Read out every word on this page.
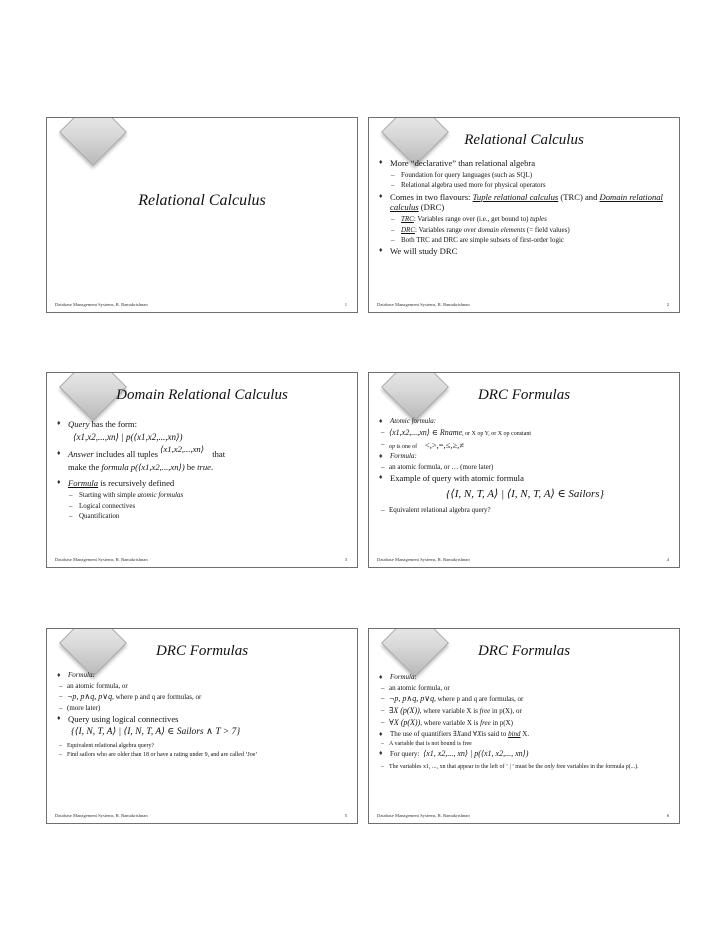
Relational Calculus
Database Management Systems, R. Ramakrishnan	1
Relational Calculus
♦ More “declarative” than relational algebra
– Foundation for query languages (such as SQL)
– Relational algebra used more for physical operators
♦ Comes in two flavours: Tuple relational calculus (TRC) and Domain relational calculus (DRC)
– TRC: Variables range over (i.e., get bound to) tuples
– DRC: Variables range over domain elements (= field values)
– Both TRC and DRC are simple subsets of first-order logic
♦ We will study DRC
Database Management Systems, R. Ramakrishnan	2
Domain Relational Calculus
♦ Query has the form:
⟨x1,x2,...,xn⟩ | p(⟨x1,x2,...,xn⟩)
♦ Answer includes all tuples ⟨x1,x2,...,xn⟩ that
make the formula p(⟨x1,x2,...,xn⟩) be true.
♦ Formula is recursively defined
– Starting with simple atomic formulas
– Logical connectives
– Quantification
Database Management Systems, R. Ramakrishnan	3
DRC Formulas
♦ Atomic formula:
– ⟨x1,x2,...,xn⟩ ∈ Rname, or X op Y, or X op constant
– op is one of <,>,=,≤,≥,≠
♦ Formula:
– an atomic formula, or … (more later)
♦ Example of query with atomic formula
{⟨I, N, T, A⟩ | ⟨I, N, T, A⟩ ∈ Sailors}
– Equivalent relational algebra query?
Database Management Systems, R. Ramakrishnan	4
DRC Formulas
♦ Formula:
– an atomic formula, or
– ¬p, p∧q, p∨q, where p and q are formulas, or
– (more later)
♦ Query using logical connectives
{⟨I, N, T, A⟩ | ⟨I, N, T, A⟩ ∈ Sailors ∧ T > 7}
– Equivalent relational algebra query?
– Find sailors who are older than 18 or have a rating under 9, and are called ‘Joe’
Database Management Systems, R. Ramakrishnan	5
DRC Formulas
♦ Formula:
– an atomic formula, or
– ¬p, p∧q, p∨q, where p and q are formulas, or
– ∃X (p(X)), where variable X is free in p(X), or
– ∀X (p(X)), where variable X is free in p(X)
♦ The use of quantifiers ∃Xand ∀Xis said to bind X.
– A variable that is not bound is free
♦ For query: ⟨x1, x2,..., xn⟩ | p(⟨x1, x2,..., xn⟩)
– The variables x1, ..., xn that appear to the left of ‘ | ’ must be the only free variables in the formula p(...).
Database Management Systems, R. Ramakrishnan	6
